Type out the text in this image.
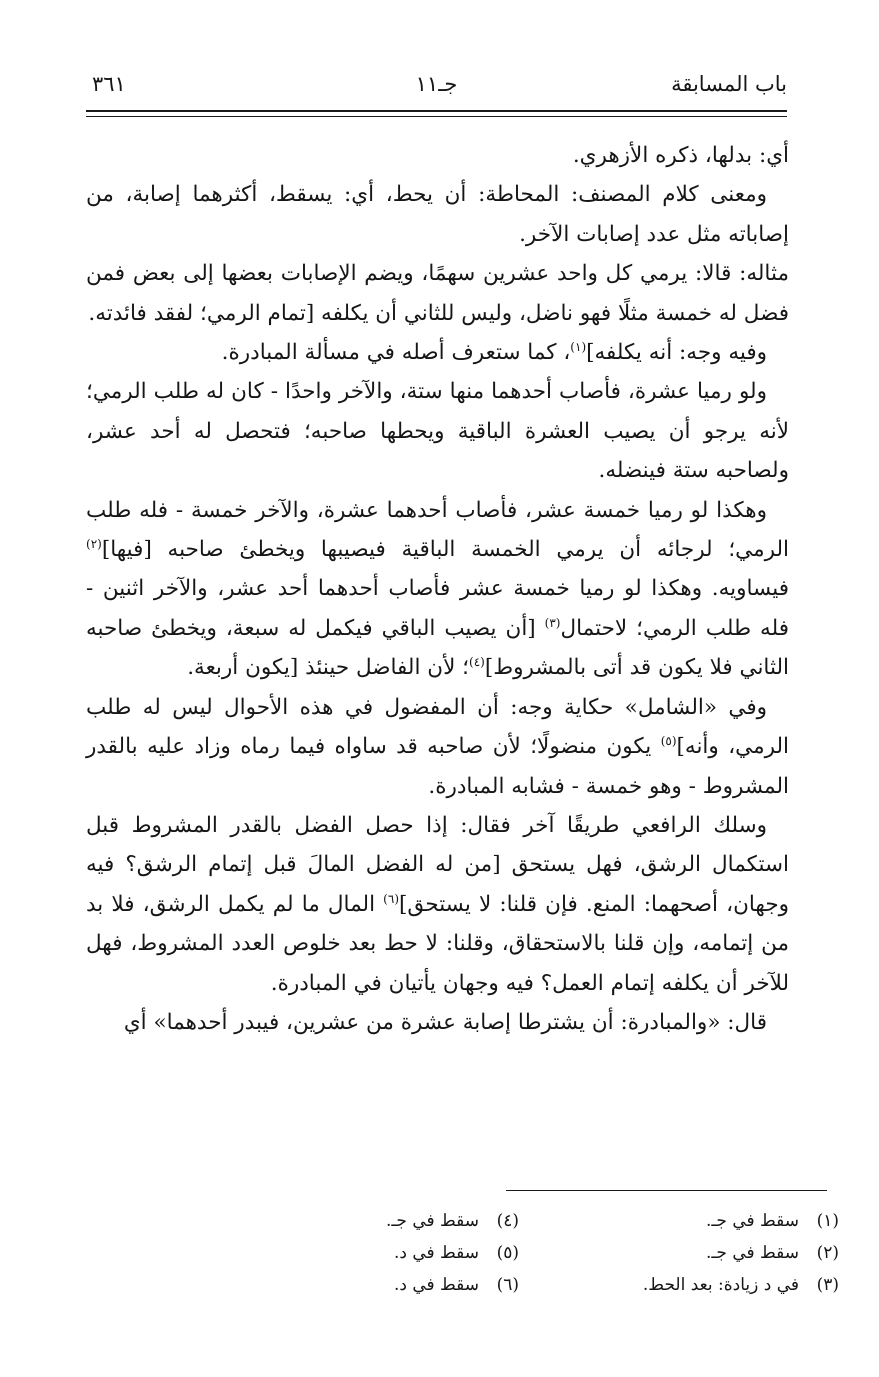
باب المسابقة
جـ١١
٣٦١

أي: بدلها، ذكره الأزهري.

ومعنى كلام المصنف: المحاطة: أن يحط، أي: يسقط، أكثرهما إصابة، من إصاباته مثل عدد إصابات الآخر.

مثاله: قالا: يرمي كل واحد عشرين سهمًا، ويضم الإصابات بعضها إلى بعض فمن فضل له خمسة مثلًا فهو ناضل، وليس للثاني أن يكلفه [تمام الرمي؛ لفقد فائدته.

وفيه وجه: أنه يكلفه]$^{(١)}$، كما ستعرف أصله في مسألة المبادرة.

ولو رميا عشرة، فأصاب أحدهما منها ستة، والآخر واحدًا - كان له طلب الرمي؛ لأنه يرجو أن يصيب العشرة الباقية ويحطها صاحبه؛ فتحصل له أحد عشر، ولصاحبه ستة فينضله.

وهكذا لو رميا خمسة عشر، فأصاب أحدهما عشرة، والآخر خمسة - فله طلب الرمي؛ لرجائه أن يرمي الخمسة الباقية فيصيبها ويخطئ صاحبه [فيها]$^{(٢)}$ فيساويه. وهكذا لو رميا خمسة عشر فأصاب أحدهما أحد عشر، والآخر اثنين - فله طلب الرمي؛ لاحتمال$^{(٣)}$ [أن يصيب الباقي فيكمل له سبعة، ويخطئ صاحبه الثاني فلا يكون قد أتى بالمشروط]$^{(٤)}$؛ لأن الفاضل حينئذ [يكون أربعة.

وفي «الشامل» حكاية وجه: أن المفضول في هذه الأحوال ليس له طلب الرمي، وأنه]$^{(٥)}$ يكون منضولًا؛ لأن صاحبه قد ساواه فيما رماه وزاد عليه بالقدر المشروط - وهو خمسة - فشابه المبادرة.

وسلك الرافعي طريقًا آخر فقال: إذا حصل الفضل بالقدر المشروط قبل استكمال الرشق، فهل يستحق [من له الفضل المالَ قبل إتمام الرشق؟ فيه وجهان، أصحهما: المنع. فإن قلنا: لا يستحق]$^{(٦)}$ المال ما لم يكمل الرشق، فلا بد من إتمامه، وإن قلنا بالاستحقاق، وقلنا: لا حط بعد خلوص العدد المشروط، فهل للآخر أن يكلفه إتمام العمل؟ فيه وجهان يأتيان في المبادرة.

قال: «والمبادرة: أن يشترطا إصابة عشرة من عشرين، فيبدر أحدهما» أي

(١)سقط في جـ.
(٢)سقط في جـ.
(٣)في د زيادة: بعد الحط.
(٤)سقط في جـ.
(٥)سقط في د.
(٦)سقط في د.
